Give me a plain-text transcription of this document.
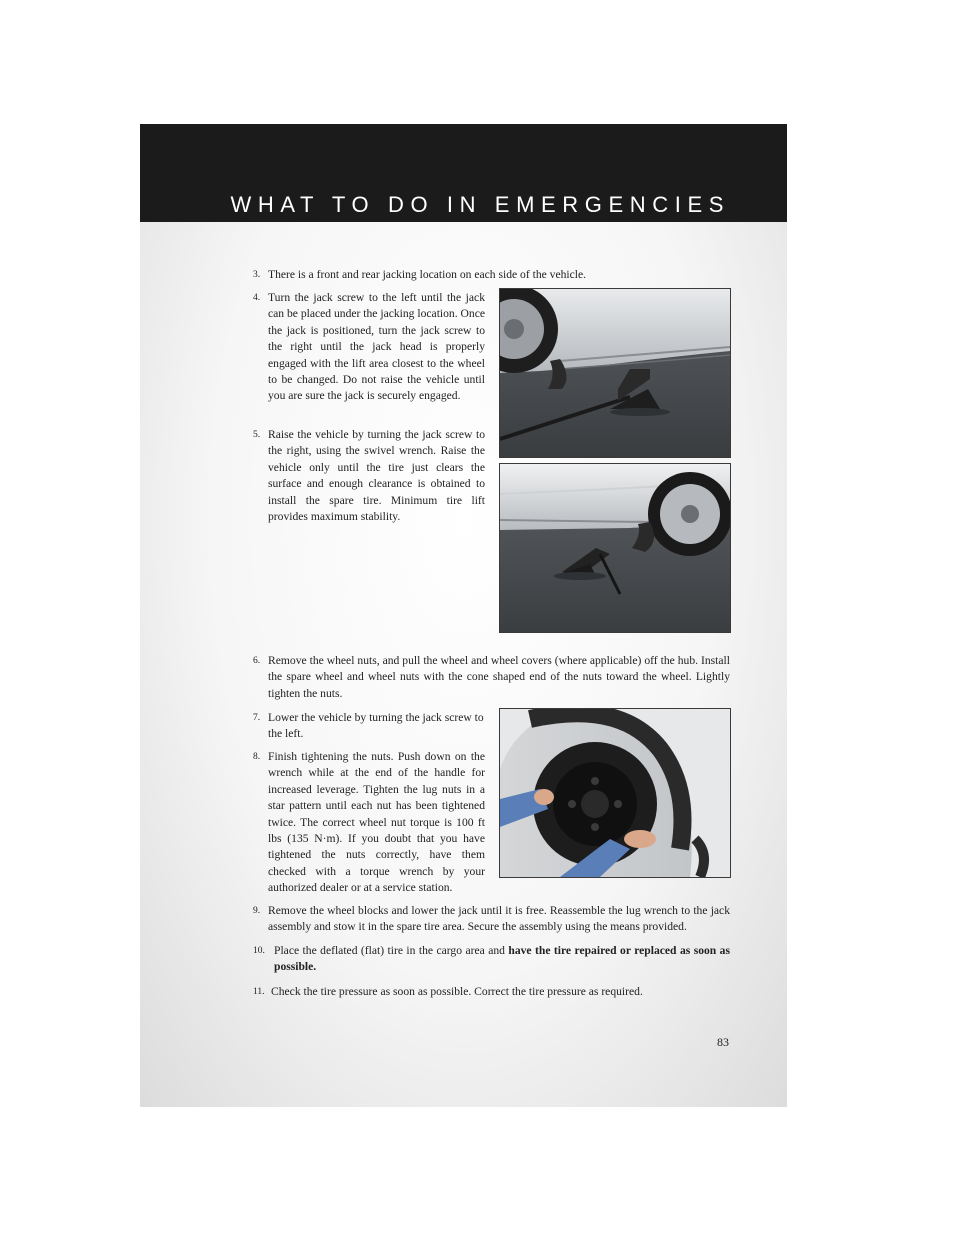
WHAT TO DO IN EMERGENCIES
3. There is a front and rear jacking location on each side of the vehicle.
4. Turn the jack screw to the left until the jack can be placed under the jacking location. Once the jack is positioned, turn the jack screw to the right until the jack head is properly engaged with the lift area closest to the wheel to be changed. Do not raise the vehicle until you are sure the jack is securely engaged.
5. Raise the vehicle by turning the jack screw to the right, using the swivel wrench. Raise the vehicle only until the tire just clears the surface and enough clearance is obtained to install the spare tire. Minimum tire lift provides maximum stability.
6. Remove the wheel nuts, and pull the wheel and wheel covers (where applicable) off the hub. Install the spare wheel and wheel nuts with the cone shaped end of the nuts toward the wheel. Lightly tighten the nuts.
7. Lower the vehicle by turning the jack screw to the left.
8. Finish tightening the nuts. Push down on the wrench while at the end of the handle for increased leverage. Tighten the lug nuts in a star pattern until each nut has been tightened twice. The correct wheel nut torque is 100 ft lbs (135 N·m). If you doubt that you have tightened the nuts correctly, have them checked with a torque wrench by your authorized dealer or at a service station.
9. Remove the wheel blocks and lower the jack until it is free. Reassemble the lug wrench to the jack assembly and stow it in the spare tire area. Secure the assembly using the means provided.
10. Place the deflated (flat) tire in the cargo area and have the tire repaired or replaced as soon as possible.
11. Check the tire pressure as soon as possible. Correct the tire pressure as required.
83
